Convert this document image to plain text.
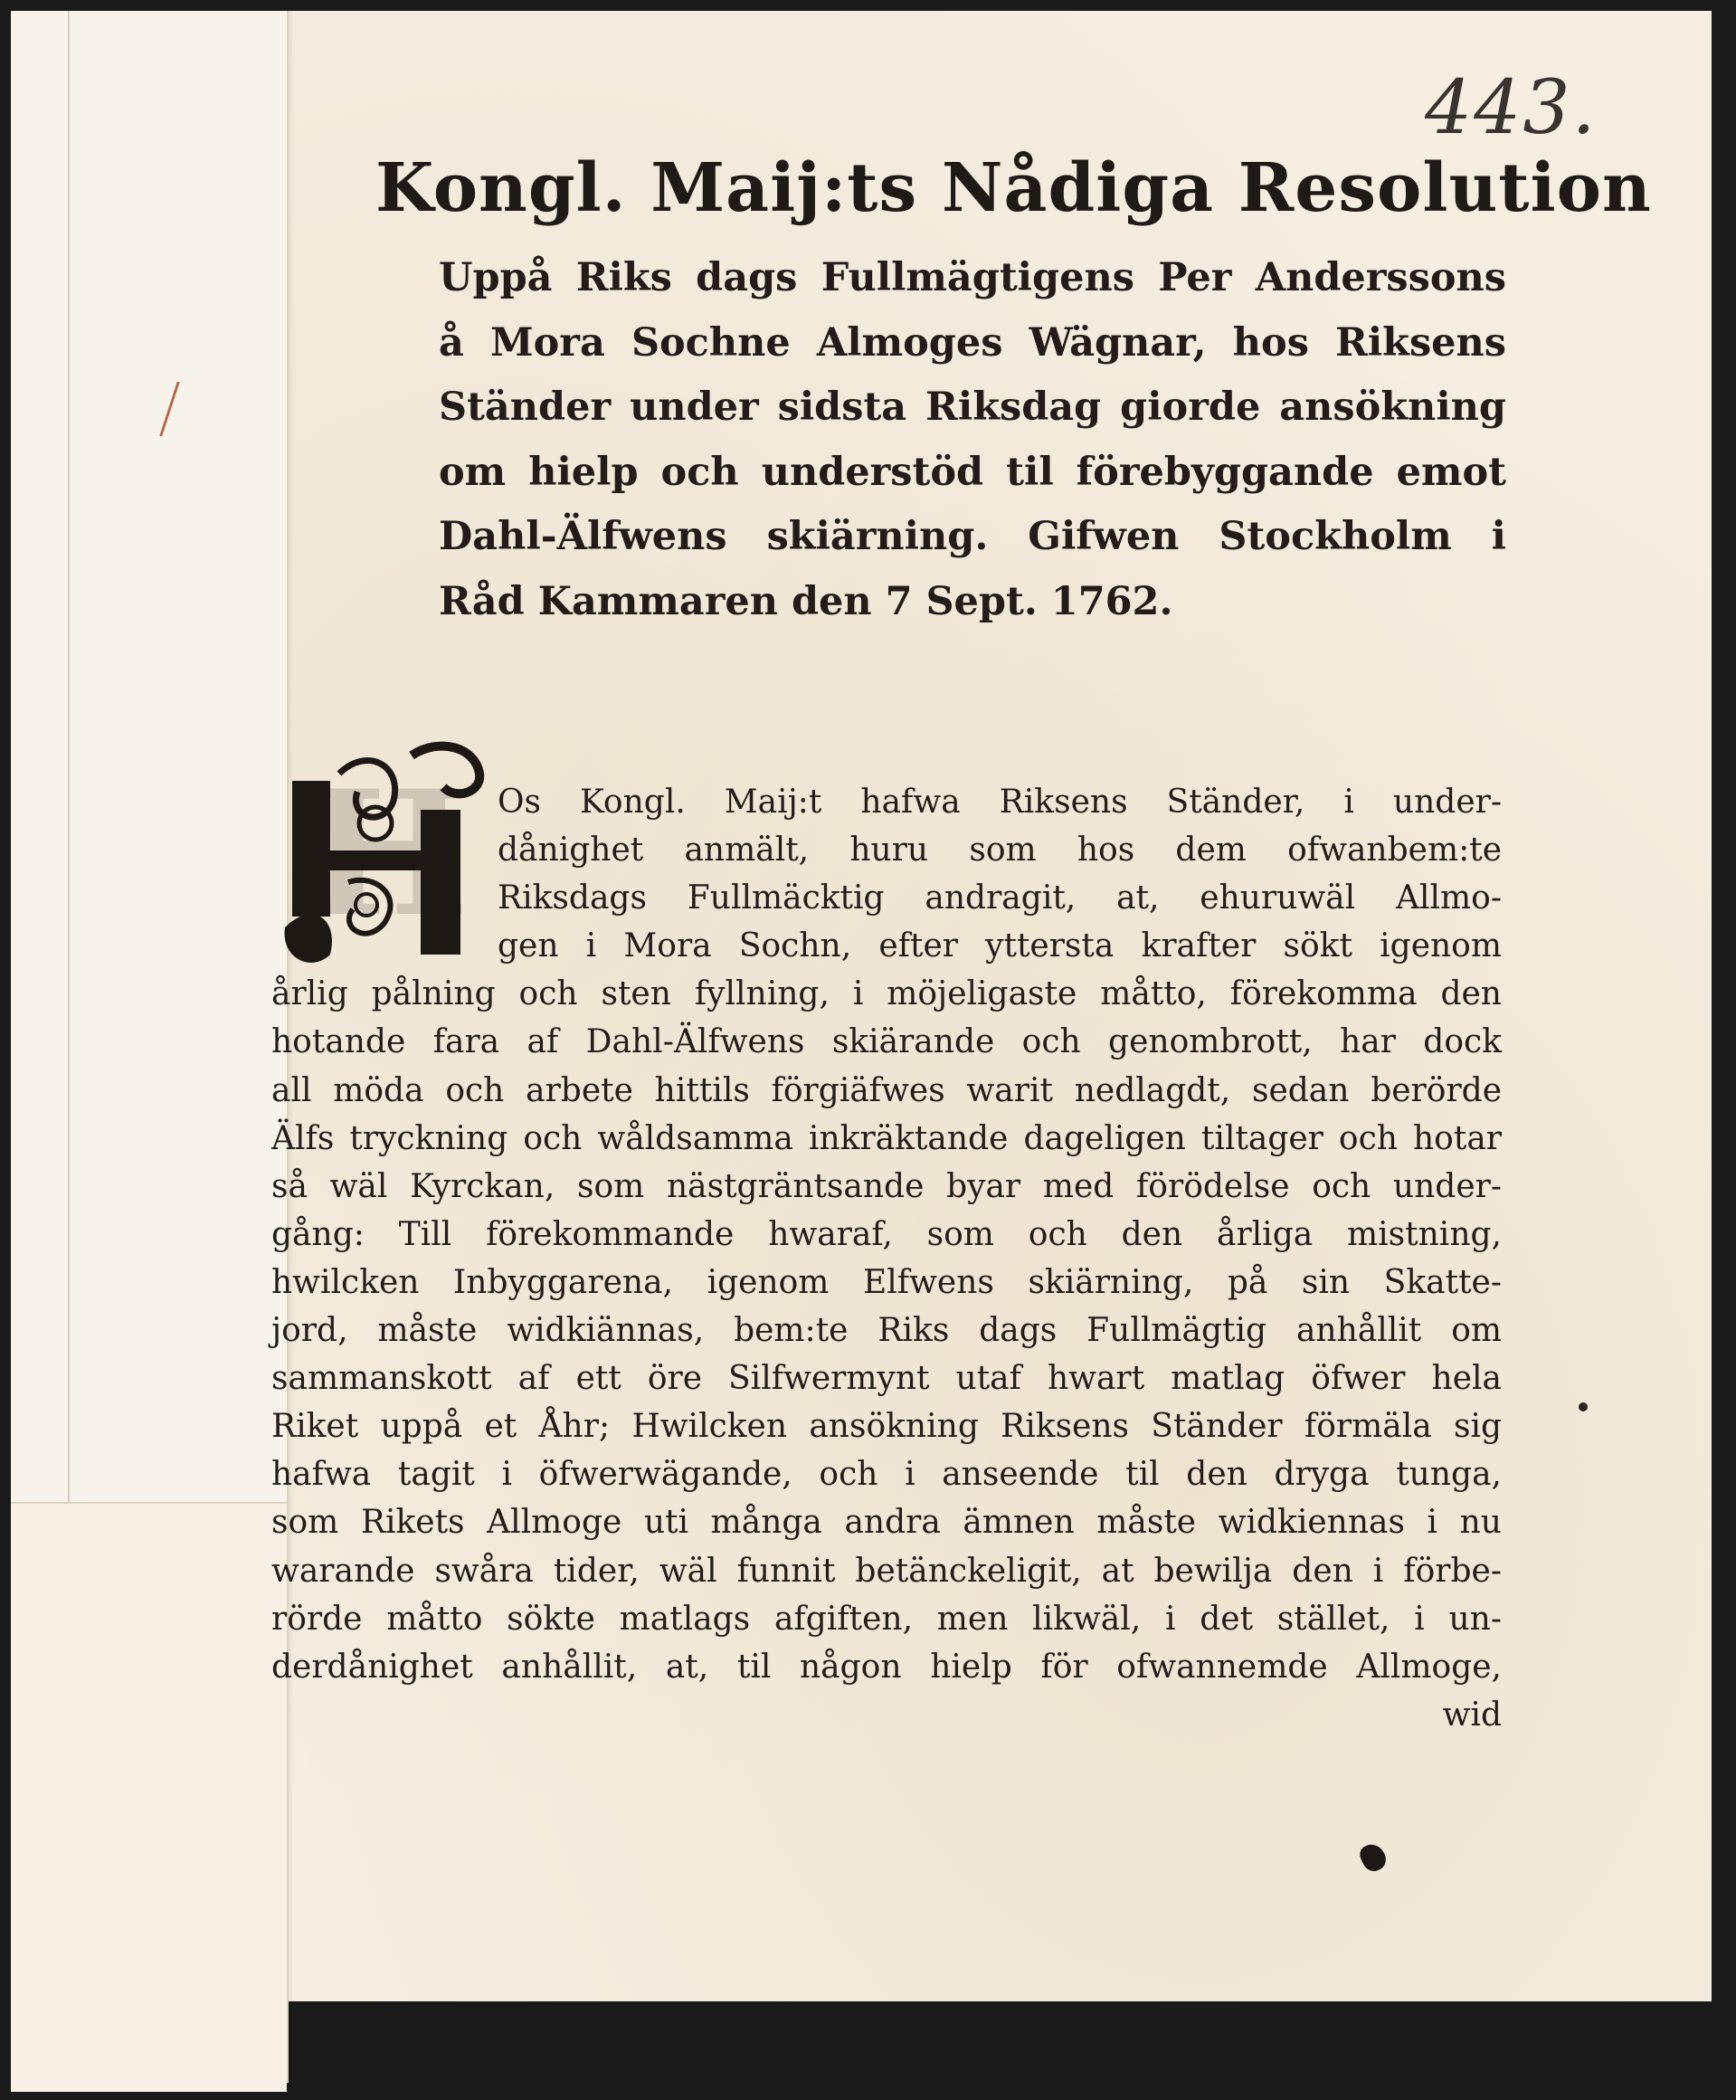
443.
Kongl. Maij:ts Nådiga Resolution
Uppå Riks dags Fullmägtigens Per Anderssons
å Mora Sochne Almoges Wägnar, hos Riksens
Ständer under sidsta Riksdag giorde ansökning
om hielp och understöd til förebyggande emot
Dahl-Älfwens skiärning. Gifwen Stockholm i
Råd Kammaren den 7 Sept. 1762.
H Os Kongl. Maij:t hafwa Riksens Ständer, i under-
dånighet anmält, huru som hos dem ofwanbem:te
Riksdags Fullmäcktig andragit, at, ehuruwäl Allmo-
gen i Mora Sochn, efter yttersta krafter sökt igenom
årlig pålning och sten fyllning, i möjeligaste måtto, förekomma den
hotande fara af Dahl-Älfwens skiärande och genombrott, har dock
all möda och arbete hittils förgiäfwes warit nedlagdt, sedan berörde
Älfs tryckning och wåldsamma inkräktande dageligen tiltager och hotar
så wäl Kyrckan, som nästgräntsande byar med förödelse och under-
gång: Till förekommande hwaraf, som och den årliga mistning,
hwilcken Inbyggarena, igenom Elfwens skiärning, på sin Skatte-
jord, måste widkiännas, bem:te Riks dags Fullmägtig anhållit om
sammanskott af ett öre Silfwermynt utaf hwart matlag öfwer hela
Riket uppå et Åhr; Hwilcken ansökning Riksens Ständer förmäla sig
hafwa tagit i öfwerwägande, och i anseende til den dryga tunga,
som Rikets Allmoge uti många andra ämnen måste widkiennas i nu
warande swåra tider, wäl funnit betänckeligit, at bewilja den i förbe-
rörde måtto sökte matlags afgiften, men likwäl, i det stället, i un-
derdånighet anhållit, at, til någon hielp för ofwannemde Allmoge,
wid
